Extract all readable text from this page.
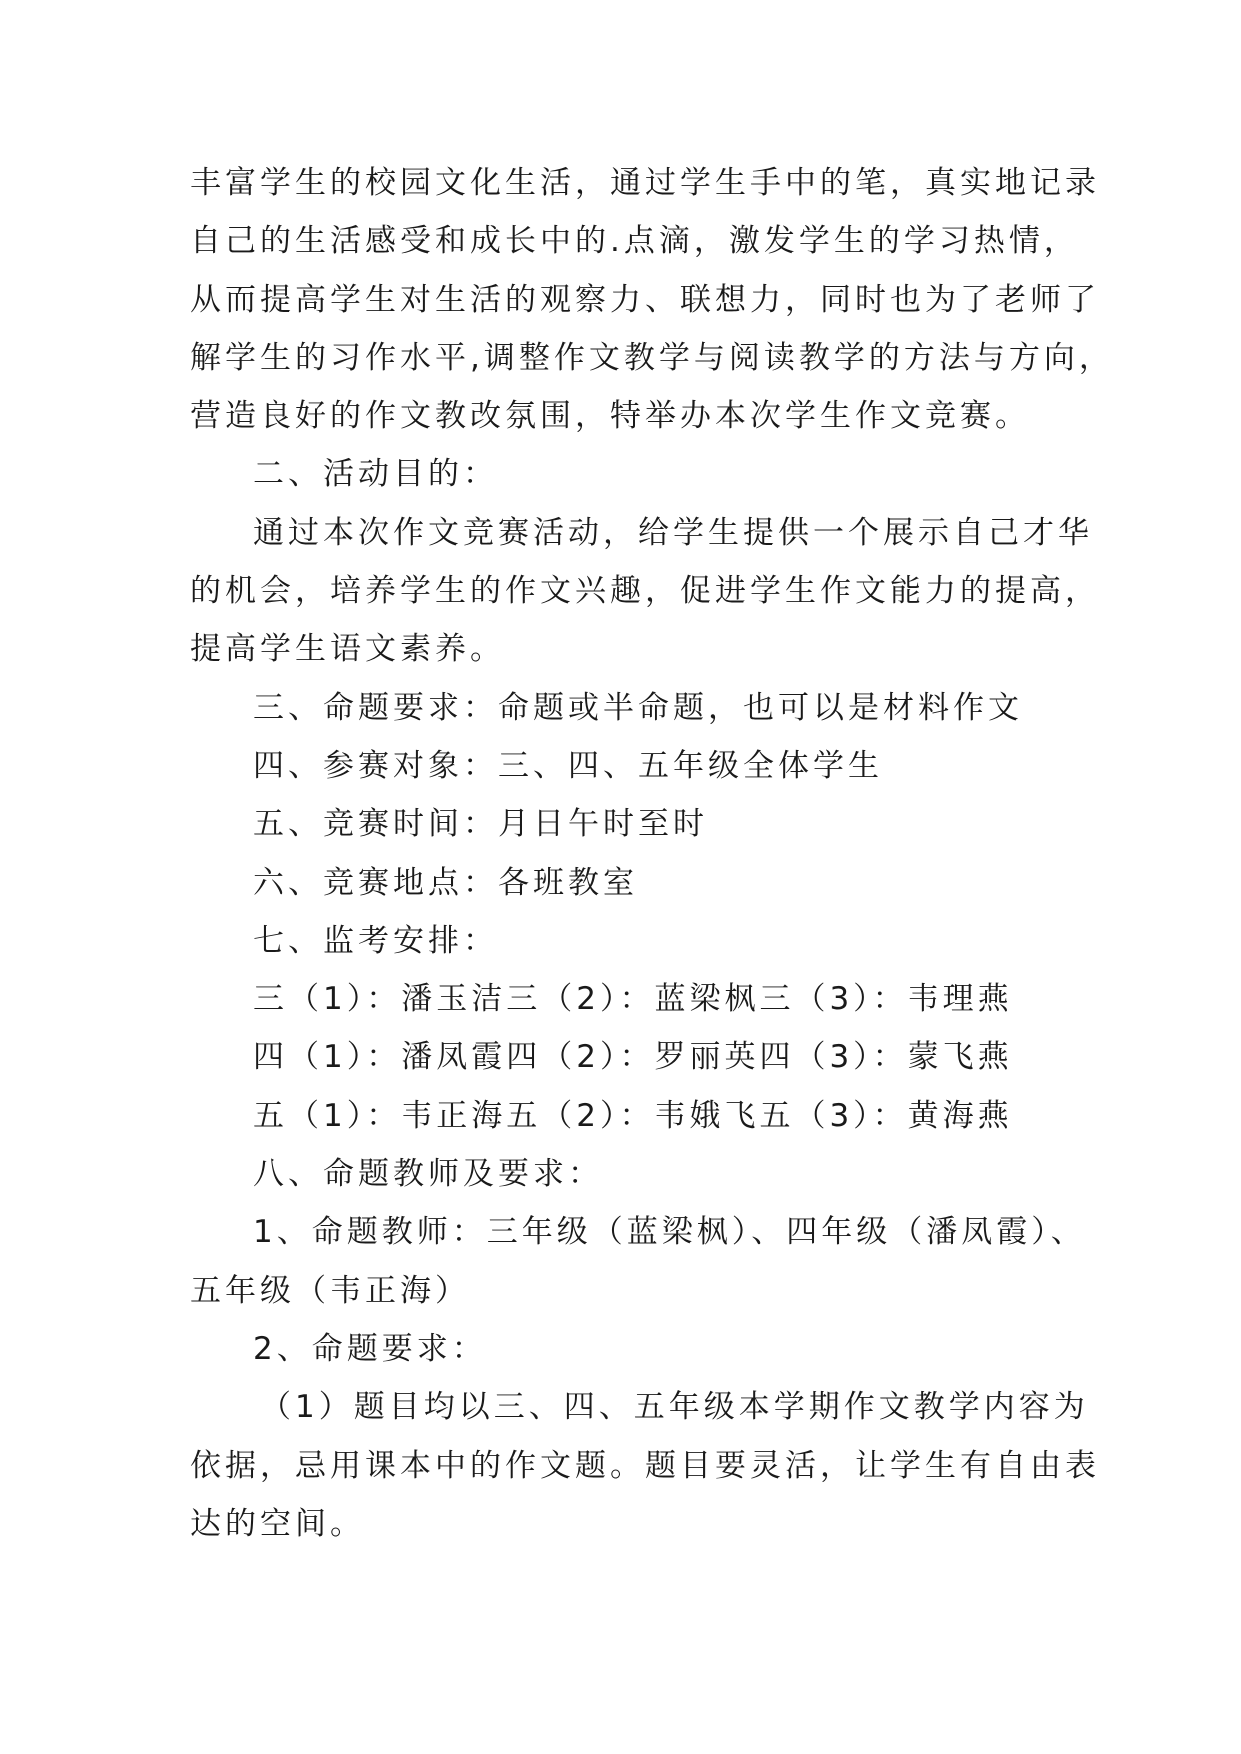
丰富学生的校园文化生活，通过学生手中的笔，真实地记录

自己的生活感受和成长中的.点滴，激发学生的学习热情，

从而提高学生对生活的观察力、联想力，同时也为了老师了

解学生的习作水平,调整作文教学与阅读教学的方法与方向，

营造良好的作文教改氛围，特举办本次学生作文竞赛。

二、活动目的：

通过本次作文竞赛活动，给学生提供一个展示自己才华

的机会，培养学生的作文兴趣，促进学生作文能力的提高，

提高学生语文素养。

三、命题要求：命题或半命题，也可以是材料作文

四、参赛对象：三、四、五年级全体学生

五、竞赛时间：月日午时至时

六、竞赛地点：各班教室

七、监考安排：

三（1）：潘玉洁三（2）：蓝梁枫三（3）：韦理燕

四（1）：潘凤霞四（2）：罗丽英四（3）：蒙飞燕

五（1）：韦正海五（2）：韦娥飞五（3）：黄海燕

八、命题教师及要求：

1、命题教师：三年级（蓝梁枫）、四年级（潘凤霞）、

五年级（韦正海）

2、命题要求：

（1）题目均以三、四、五年级本学期作文教学内容为

依据，忌用课本中的作文题。题目要灵活，让学生有自由表

达的空间。
